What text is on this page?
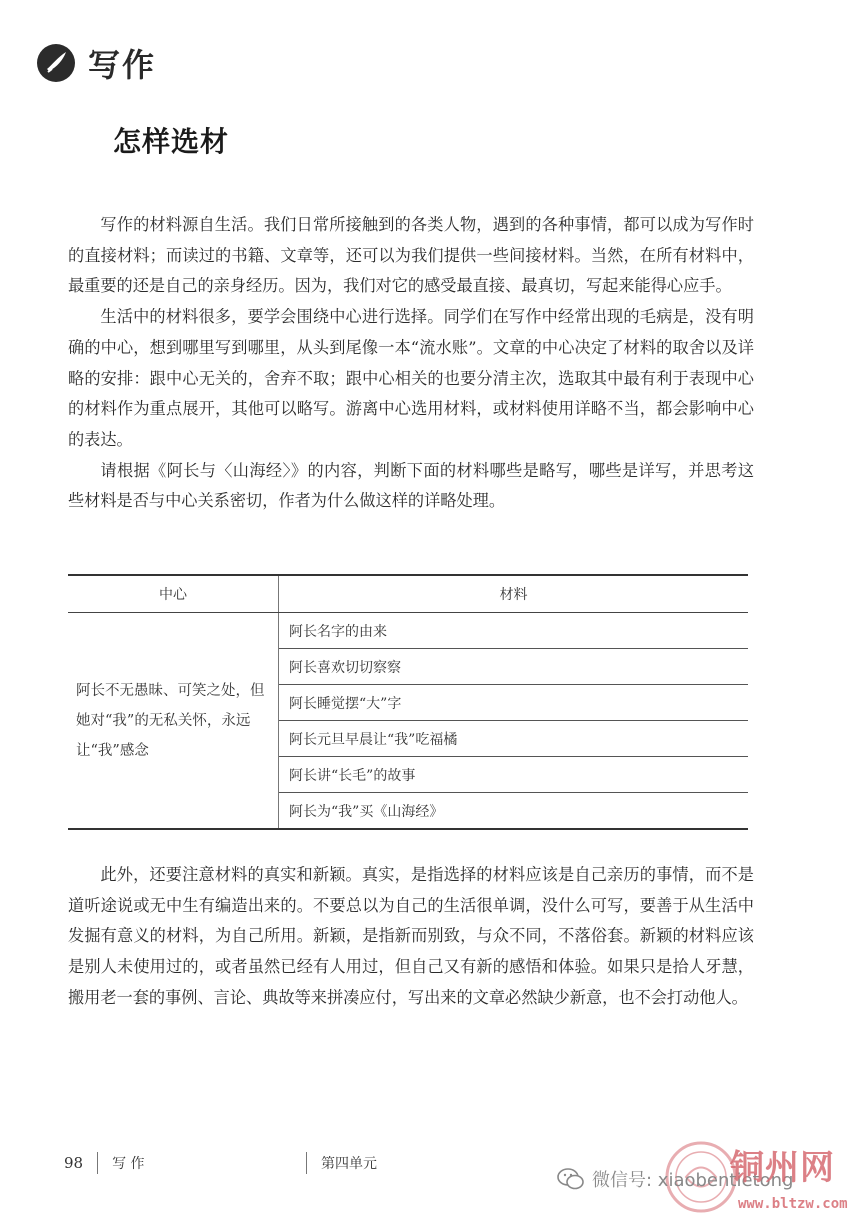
写作
怎样选材

写作的材料源自生活。我们日常所接触到的各类人物，遇到的各种事情，都可以成为写作时的直接材料；而读过的书籍、文章等，还可以为我们提供一些间接材料。当然，在所有材料中，最重要的还是自己的亲身经历。因为，我们对它的感受最直接、最真切，写起来能得心应手。

生活中的材料很多，要学会围绕中心进行选择。同学们在写作中经常出现的毛病是，没有明确的中心，想到哪里写到哪里，从头到尾像一本“流水账”。文章的中心决定了材料的取舍以及详略的安排：跟中心无关的，舍弃不取；跟中心相关的也要分清主次，选取其中最有利于表现中心的材料作为重点展开，其他可以略写。游离中心选用材料，或材料使用详略不当，都会影响中心的表达。

请根据《阿长与〈山海经〉》的内容，判断下面的材料哪些是略写，哪些是详写，并思考这些材料是否与中心关系密切，作者为什么做这样的详略处理。

中心	材料
阿长不无愚昧、可笑之处，但她对“我”的无私关怀，永远让“我”感念	阿长名字的由来
	阿长喜欢切切察察
	阿长睡觉摆“大”字
	阿长元旦早晨让“我”吃福橘
	阿长讲“长毛”的故事
	阿长为“我”买《山海经》

此外，还要注意材料的真实和新颖。真实，是指选择的材料应该是自己亲历的事情，而不是道听途说或无中生有编造出来的。不要总以为自己的生活很单调，没什么可写，要善于从生活中发掘有意义的材料，为自己所用。新颖，是指新而别致，与众不同，不落俗套。新颖的材料应该是别人未使用过的，或者虽然已经有人用过，但自己又有新的感悟和体验。如果只是拾人牙慧，搬用老一套的事例、言论、典故等来拼凑应付，写出来的文章必然缺少新意，也不会打动他人。

98 写 作	第四单元
微信号: xiaobentietong
铜州网
www.bltzw.com
